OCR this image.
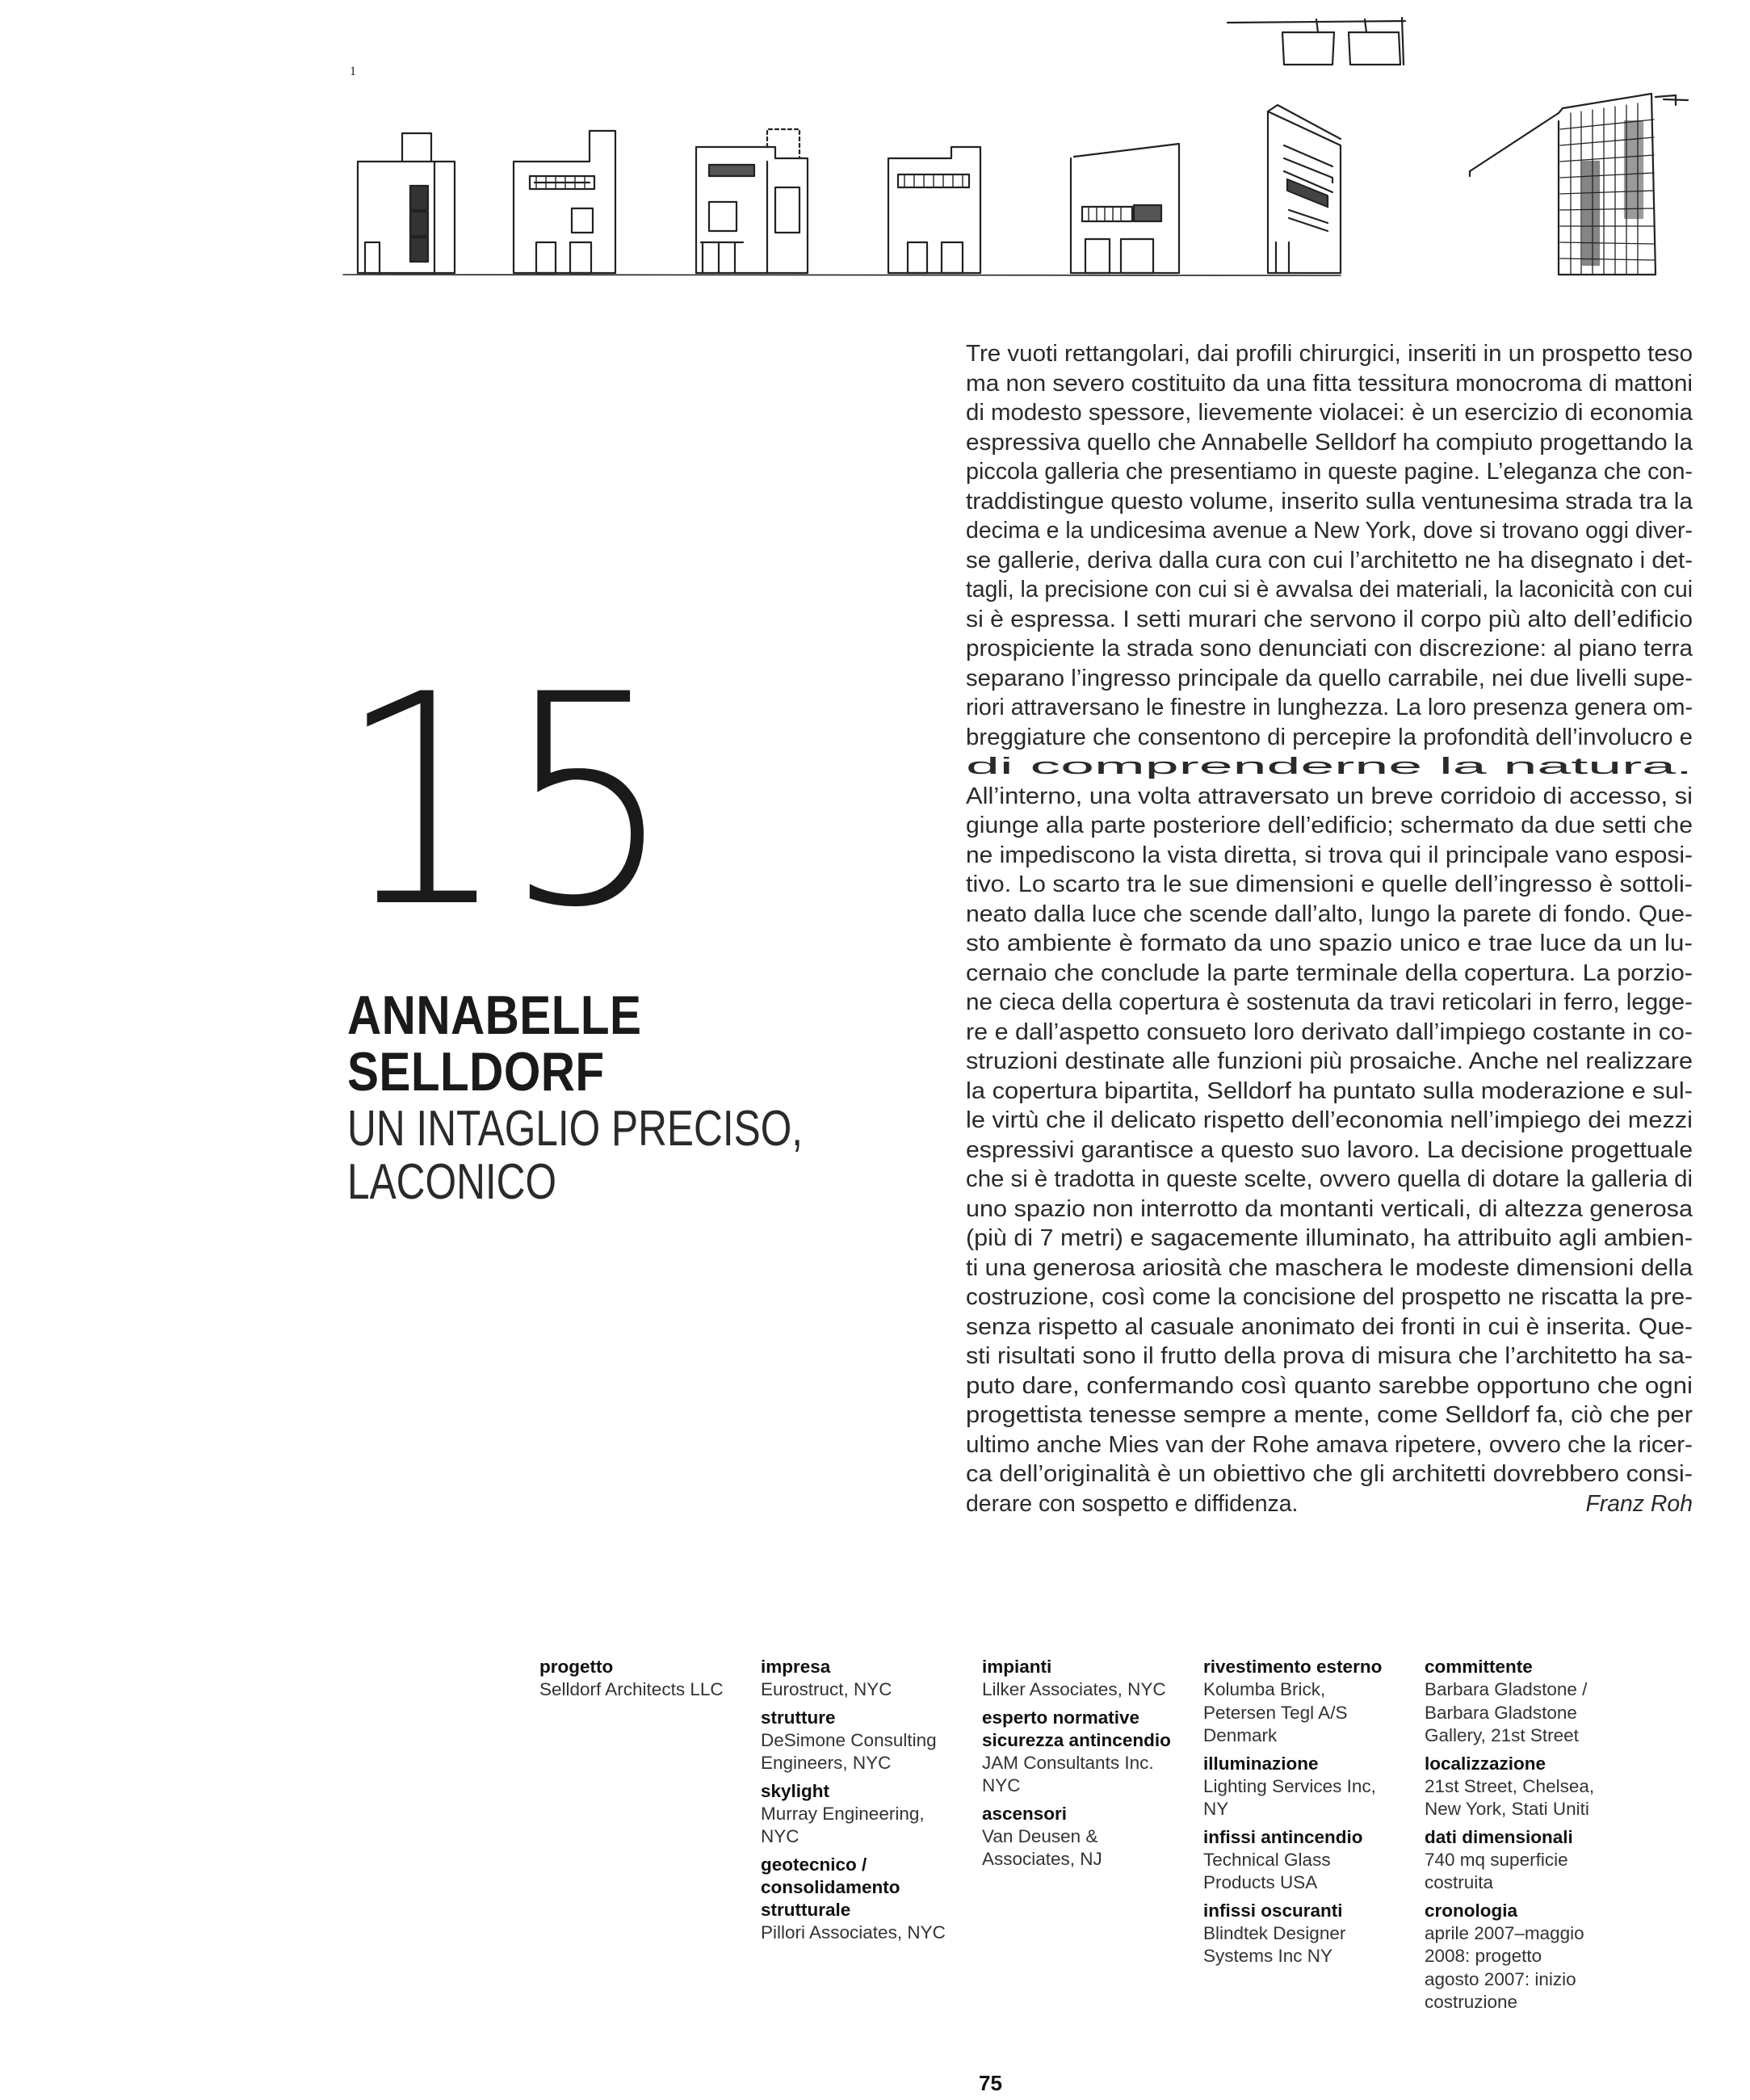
1
15
ANNABELLE
SELLDORF
UN INTAGLIO PRECISO,
LACONICO
Tre vuoti rettangolari, dai profili chirurgici, inseriti in un prospetto teso
ma non severo costituito da una fitta tessitura monocroma di mattoni
di modesto spessore, lievemente violacei: è un esercizio di economia
espressiva quello che Annabelle Selldorf ha compiuto progettando la
piccola galleria che presentiamo in queste pagine. L’eleganza che con-
traddistingue questo volume, inserito sulla ventunesima strada tra la
decima e la undicesima avenue a New York, dove si trovano oggi diver-
se gallerie, deriva dalla cura con cui l’architetto ne ha disegnato i det-
tagli, la precisione con cui si è avvalsa dei materiali, la laconicità con cui
si è espressa. I setti murari che servono il corpo più alto dell’edificio
prospiciente la strada sono denunciati con discrezione: al piano terra
separano l’ingresso principale da quello carrabile, nei due livelli supe-
riori attraversano le finestre in lunghezza. La loro presenza genera om-
breggiature che consentono di percepire la profondità dell’involucro e
di comprenderne la natura.
All’interno, una volta attraversato un breve corridoio di accesso, si
giunge alla parte posteriore dell’edificio; schermato da due setti che
ne impediscono la vista diretta, si trova qui il principale vano esposi-
tivo. Lo scarto tra le sue dimensioni e quelle dell’ingresso è sottoli-
neato dalla luce che scende dall’alto, lungo la parete di fondo. Que-
sto ambiente è formato da uno spazio unico e trae luce da un lu-
cernaio che conclude la parte terminale della copertura. La porzio-
ne cieca della copertura è sostenuta da travi reticolari in ferro, legge-
re e dall’aspetto consueto loro derivato dall’impiego costante in co-
struzioni destinate alle funzioni più prosaiche. Anche nel realizzare
la copertura bipartita, Selldorf ha puntato sulla moderazione e sul-
le virtù che il delicato rispetto dell’economia nell’impiego dei mezzi
espressivi garantisce a questo suo lavoro. La decisione progettuale
che si è tradotta in queste scelte, ovvero quella di dotare la galleria di
uno spazio non interrotto da montanti verticali, di altezza generosa
(più di 7 metri) e sagacemente illuminato, ha attribuito agli ambien-
ti una generosa ariosità che maschera le modeste dimensioni della
costruzione, così come la concisione del prospetto ne riscatta la pre-
senza rispetto al casuale anonimato dei fronti in cui è inserita. Que-
sti risultati sono il frutto della prova di misura che l’architetto ha sa-
puto dare, confermando così quanto sarebbe opportuno che ogni
progettista tenesse sempre a mente, come Selldorf fa, ciò che per
ultimo anche Mies van der Rohe amava ripetere, ovvero che la ricer-
ca dell’originalità è un obiettivo che gli architetti dovrebbero consi-
derare con sospetto e diffidenza.	Franz Roh
progetto
Selldorf Architects LLC
impresa
Eurostruct, NYC
strutture
DeSimone Consulting
Engineers, NYC
skylight
Murray Engineering,
NYC
geotecnico /
consolidamento
strutturale
Pillori Associates, NYC
impianti
Lilker Associates, NYC
esperto normative
sicurezza antincendio
JAM Consultants Inc.
NYC
ascensori
Van Deusen &
Associates, NJ
rivestimento esterno
Kolumba Brick,
Petersen Tegl A/S
Denmark
illuminazione
Lighting Services Inc,
NY
infissi antincendio
Technical Glass
Products USA
infissi oscuranti
Blindtek Designer
Systems Inc NY
committente
Barbara Gladstone /
Barbara Gladstone
Gallery, 21st Street
localizzazione
21st Street, Chelsea,
New York, Stati Uniti
dati dimensionali
740 mq superficie
costruita
cronologia
aprile 2007–maggio
2008: progetto
agosto 2007: inizio
costruzione
75
